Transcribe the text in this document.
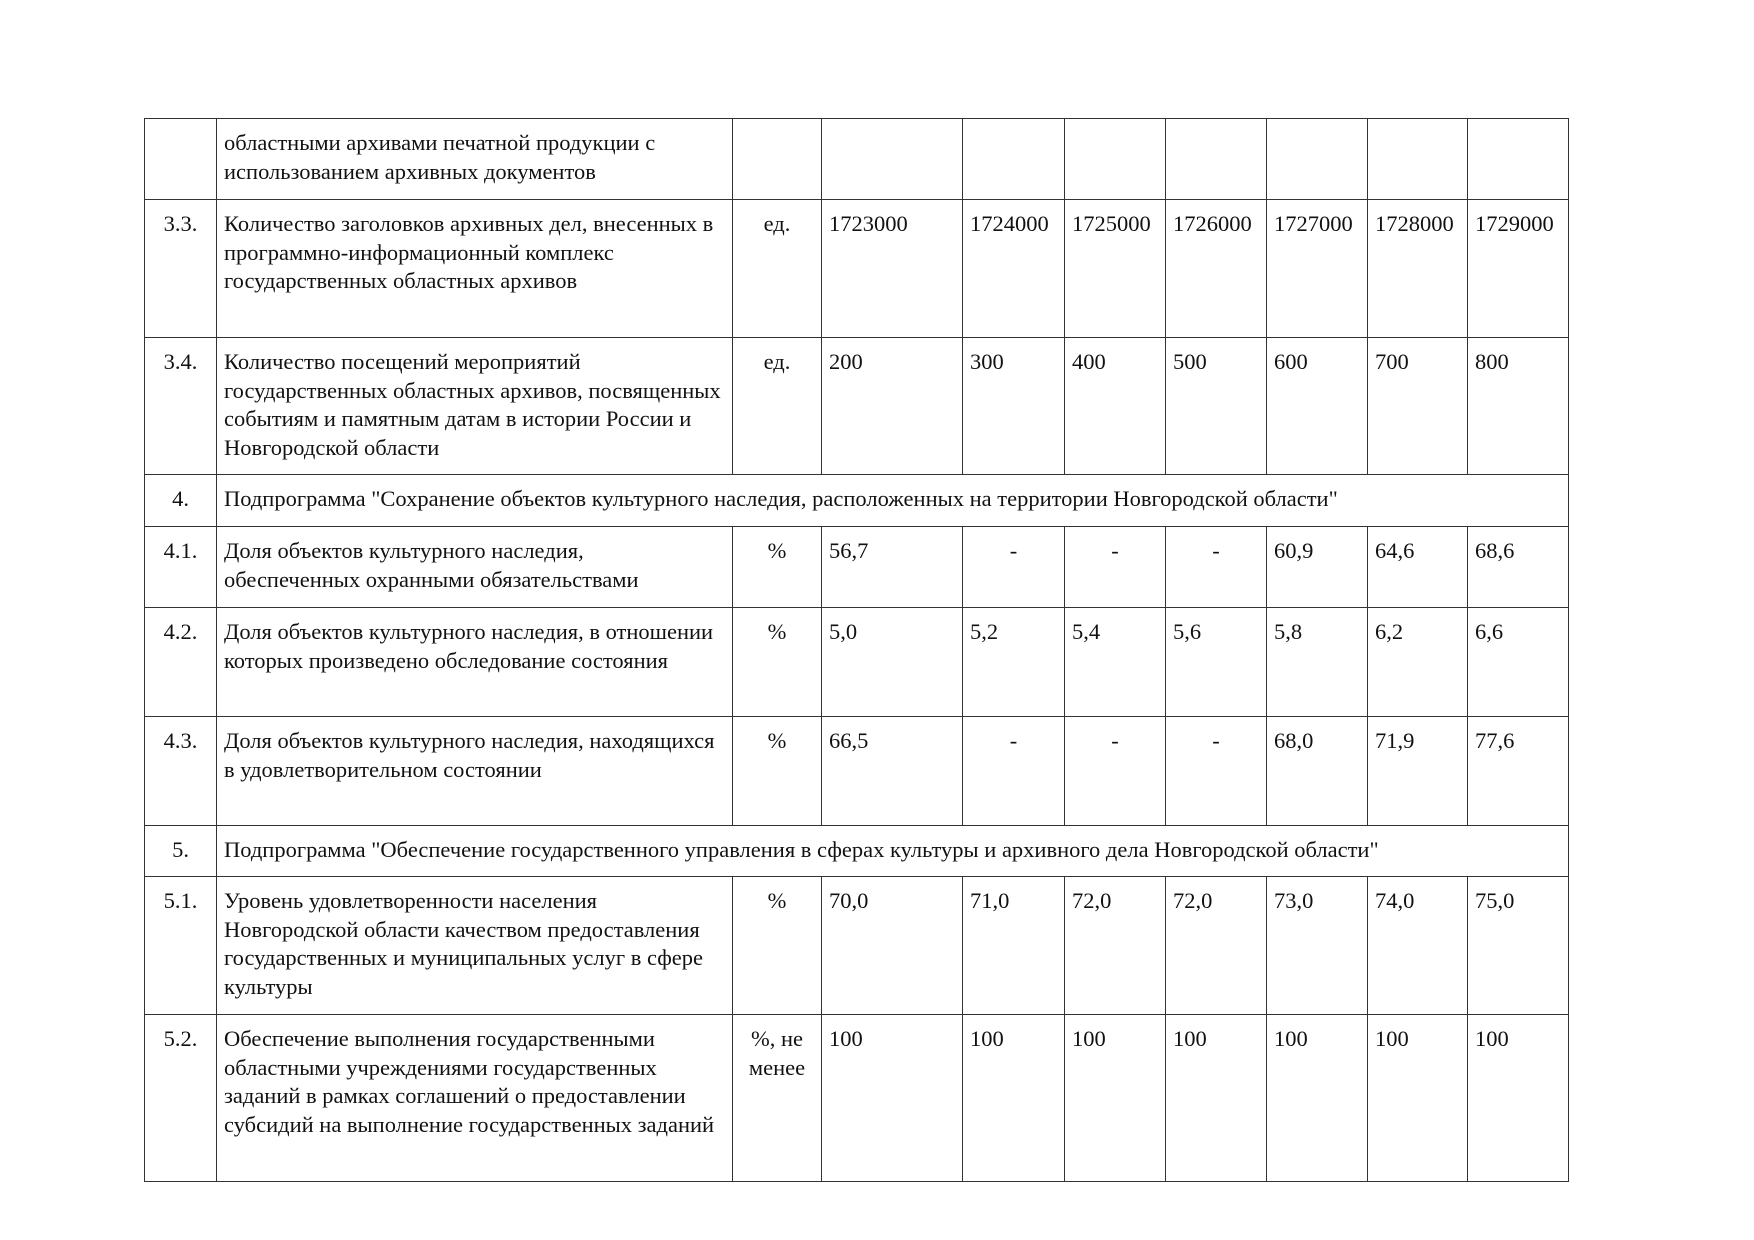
	областными архивами печатной продукции с использованием архивных документов								
3.3.	Количество заголовков архивных дел, внесенных в программно-информационный комплекс государственных областных архивов	ед.	1723000	1724000	1725000	1726000	1727000	1728000	1729000
3.4.	Количество посещений мероприятий государственных областных архивов, посвященных событиям и памятным датам в истории России и Новгородской области	ед.	200	300	400	500	600	700	800
4.	Подпрограмма "Сохранение объектов культурного наследия, расположенных на территории Новгородской области"								
4.1.	Доля объектов культурного наследия, обеспеченных охранными обязательствами	%	56,7	-	-	-	60,9	64,6	68,6
4.2.	Доля объектов культурного наследия, в отношении которых произведено обследование состояния	%	5,0	5,2	5,4	5,6	5,8	6,2	6,6
4.3.	Доля объектов культурного наследия, находящихся в удовлетворительном состоянии	%	66,5	-	-	-	68,0	71,9	77,6
5.	Подпрограмма "Обеспечение государственного управления в сферах культуры и архивного дела Новгородской области"								
5.1.	Уровень удовлетворенности населения Новгородской области качеством предоставления государственных и муниципальных услуг в сфере культуры	%	70,0	71,0	72,0	72,0	73,0	74,0	75,0
5.2.	Обеспечение выполнения государственными областными учреждениями государственных заданий в рамках соглашений о предоставлении субсидий на выполнение государственных заданий	%, не менее	100	100	100	100	100	100	100
